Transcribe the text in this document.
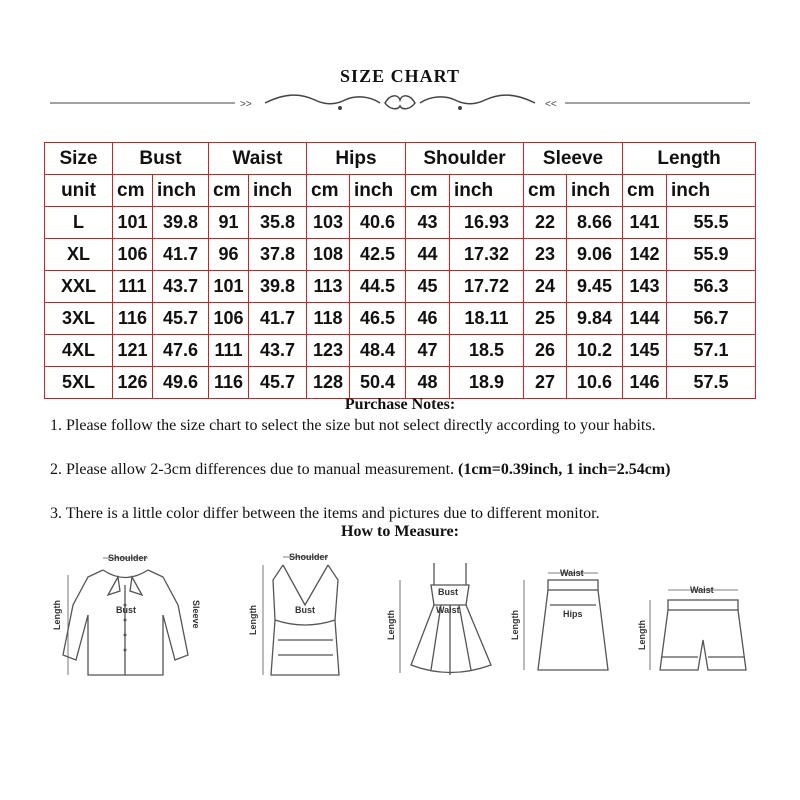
SIZE CHART
>>	<<
Size	Bust		Waist		Hips		Shoulder		Sleeve		Length	
unit	cm	inch	cm	inch	cm	inch	cm	inch	cm	inch	cm	inch
L	101	39.8	91	35.8	103	40.6	43	16.93	22	8.66	141	55.5
XL	106	41.7	96	37.8	108	42.5	44	17.32	23	9.06	142	55.9
XXL	111	43.7	101	39.8	113	44.5	45	17.72	24	9.45	143	56.3
3XL	116	45.7	106	41.7	118	46.5	46	18.11	25	9.84	144	56.7
4XL	121	47.6	111	43.7	123	48.4	47	18.5	26	10.2	145	57.1
5XL	126	49.6	116	45.7	128	50.4	48	18.9	27	10.6	146	57.5
Purchase Notes:
1. Please follow the size chart to select the size but not select directly according to your habits.
2. Please allow 2-3cm differences due to manual measurement. (1cm=0.39inch, 1 inch=2.54cm)
3. There is a little color differ between the items and pictures due to different monitor.
How to Measure:
Shoulder
Bust
Length	Sleeve
Shoulder
Bust
Length
Bust
Waist
Length
Waist
Hips
Length
Waist
Length
